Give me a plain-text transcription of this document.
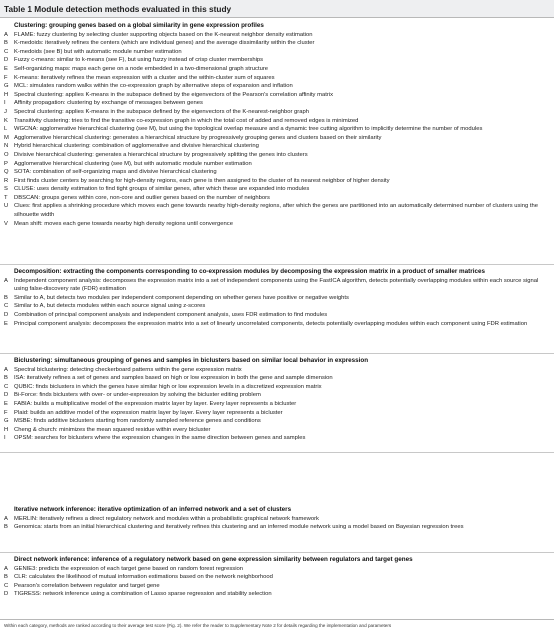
Table 1 Module detection methods evaluated in this study
Clustering: grouping genes based on a global similarity in gene expression profiles
A	FLAME: fuzzy clustering by selecting cluster supporting objects based on the K-nearest neighbor density estimation
B	K-medoids: iteratively refines the centers (which are individual genes) and the average dissimilarity within the cluster
C K-medoids (see B) but with automatic module number estimation
D Fuzzy c-means: similar to k-means (see F), but using fuzzy instead of crisp cluster memberships
E	Self-organizing maps: maps each gene on a node embedded in a two-dimensional graph structure
F	K-means: iteratively refines the mean expression with a cluster and the within-cluster sum of squares
G MCL: simulates random walks within the co-expression graph by alternative steps of expansion and inflation
H Spectral clustering: applies K-means in the subspace defined by the eigenvectors of the Pearson's correlation affinity matrix
I	Affinity propagation: clustering by exchange of messages between genes
J	Spectral clustering: applies K-means in the subspace defined by the eigenvectors of the K-nearest-neighbor graph
K	Transitivity clustering: tries to find the transitive co-expression graph in which the total cost of added and removed edges is minimized
L	WGCNA: agglomerative hierarchical clustering (see M), but using the topological overlap measure and a dynamic tree cutting algorithm to implicitly determine the number of modules
M Agglomerative hierarchical clustering: generates a hierarchical structure by progressively grouping genes and clusters based on their similarity
N Hybrid hierarchical clustering: combination of agglomerative and divisive hierarchical clustering
O Divisive hierarchical clustering: generates a hierarchical structure by progressively splitting the genes into clusters
P	Agglomerative hierarchical clustering (see M), but with automatic module number estimation
Q SOTA: combination of self-organizing maps and divisive hierarchical clustering
R First finds cluster centers by searching for high-density regions, each gene is then assigned to the cluster of its nearest neighbor of higher density
S	CLUSE: uses density estimation to find tight groups of similar genes, after which these are expanded into modules
T	DBSCAN: groups genes within core, non-core and outlier genes based on the number of neighbors
U Clues: first applies a shrinking procedure which moves each gene towards nearby high-density regions, after which the genes are partitioned into an automatically determined number of clusters using the silhouette width
V	Mean shift: moves each gene towards nearby high density regions until convergence
Decomposition: extracting the components corresponding to co-expression modules by decomposing the expression matrix in a product of smaller matrices
A	Independent component analysis: decomposes the expression matrix into a set of independent components using the FastICA algorithm, detects potentially overlapping modules within each source signal using false-discovery rate (FDR) estimation
B	Similar to A, but detects two modules per independent component depending on whether genes have positive or negative weights
C Similar to A, but detects modules within each source signal using z-scores
D Combination of principal component analysis and independent component analysis, uses FDR estimation to find modules
E	Principal component analysis: decomposes the expression matrix into a set of linearly uncorrelated components, detects potentially overlapping modules within each component using FDR estimation
Biclustering: simultaneous grouping of genes and samples in biclusters based on similar local behavior in expression
A	Spectral biclustering: detecting checkerboard patterns within the gene expression matrix
B	ISA: iteratively refines a set of genes and samples based on high or low expression in both the gene and sample dimension
C QUBIC: finds biclusters in which the genes have similar high or low expression levels in a discretized expression matrix
D Bi-Force: finds biclusters with over- or under-expression by solving the bicluster editing problem
E	FABIA: builds a multiplicative model of the expression matrix layer by layer. Every layer represents a bicluster
F	Plaid: builds an additive model of the expression matrix layer by layer. Every layer represents a bicluster
G MSBE: finds additive biclusters starting from randomly sampled reference genes and conditions
H Cheng & church: minimizes the mean squared residue within every bicluster
I	OPSM: searches for biclusters where the expression changes in the same direction between genes and samples
Iterative network inference: iterative optimization of an inferred network and a set of clusters
A	MERLIN: iteratively refines a direct regulatory network and modules within a probabilistic graphical network framework
B	Genomica: starts from an initial hierarchical clustering and iteratively refines this clustering and an inferred module network using a model based on Bayesian regression trees
Direct network inference: inference of a regulatory network based on gene expression similarity between regulators and target genes
A	GENIE3: predicts the expression of each target gene based on random forest regression
B	CLR: calculates the likelihood of mutual information estimations based on the network neighborhood
C Pearson's correlation between regulator and target gene
D TIGRESS: network inference using a combination of Lasso sparse regression and stability selection
Within each category, methods are ranked according to their average test score (Fig. 2). We refer the reader to Supplementary Note 2 for details regarding the implementation and parameters
